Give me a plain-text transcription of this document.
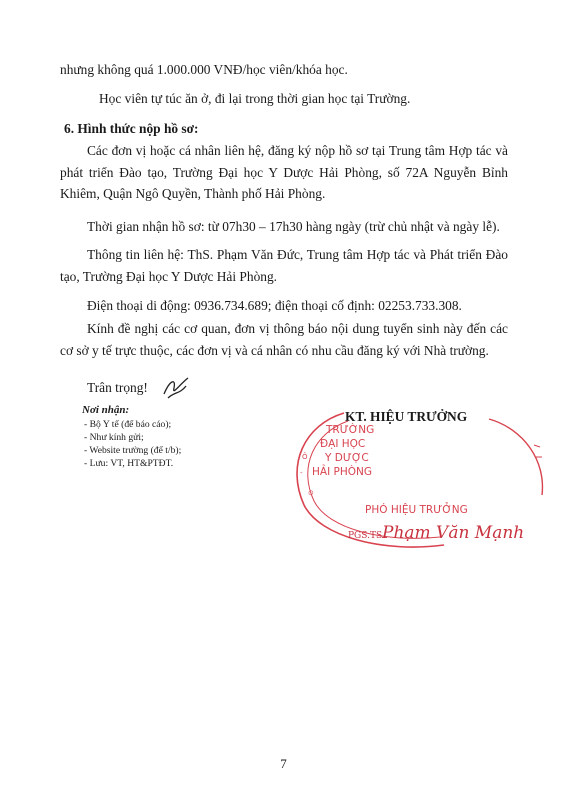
nhưng không quá 1.000.000 VNĐ/học viên/khóa học.
Học viên tự túc ăn ở, đi lại trong thời gian học tại Trường.
6. Hình thức nộp hồ sơ:
Các đơn vị hoặc cá nhân liên hệ, đăng ký nộp hồ sơ tại Trung tâm Hợp tác và phát triển Đào tạo, Trường Đại học Y Dược Hải Phòng, số 72A Nguyễn Bỉnh Khiêm, Quận Ngô Quyền, Thành phố Hải Phòng.
Thời gian nhận hồ sơ: từ 07h30 – 17h30 hàng ngày (trừ chủ nhật và ngày lễ).
Thông tin liên hệ: ThS. Phạm Văn Đức, Trung tâm Hợp tác và Phát triển Đào tạo, Trường Đại học Y Dược Hải Phòng.
Điện thoại di động: 0936.734.689; điện thoại cố định: 02253.733.308.
Kính đề nghị các cơ quan, đơn vị thông báo nội dung tuyển sinh này đến các cơ sở y tế trực thuộc, các đơn vị và cá nhân có nhu cầu đăng ký với Nhà trường.
Trân trọng!
Nơi nhận:
- Bộ Y tế (để báo cáo);
- Như kính gửi;
- Website trường (để t/b);
- Lưu: VT, HT&PTĐT.
KT. HIỆU TRƯỞNG
Ô
-
⊙
TRƯỜNG
ĐẠI HỌC
Y DƯỢC
HẢI PHÒNG
PHÓ HIỆU TRƯỞNG
PGS.TS Phạm Văn Mạnh
7
